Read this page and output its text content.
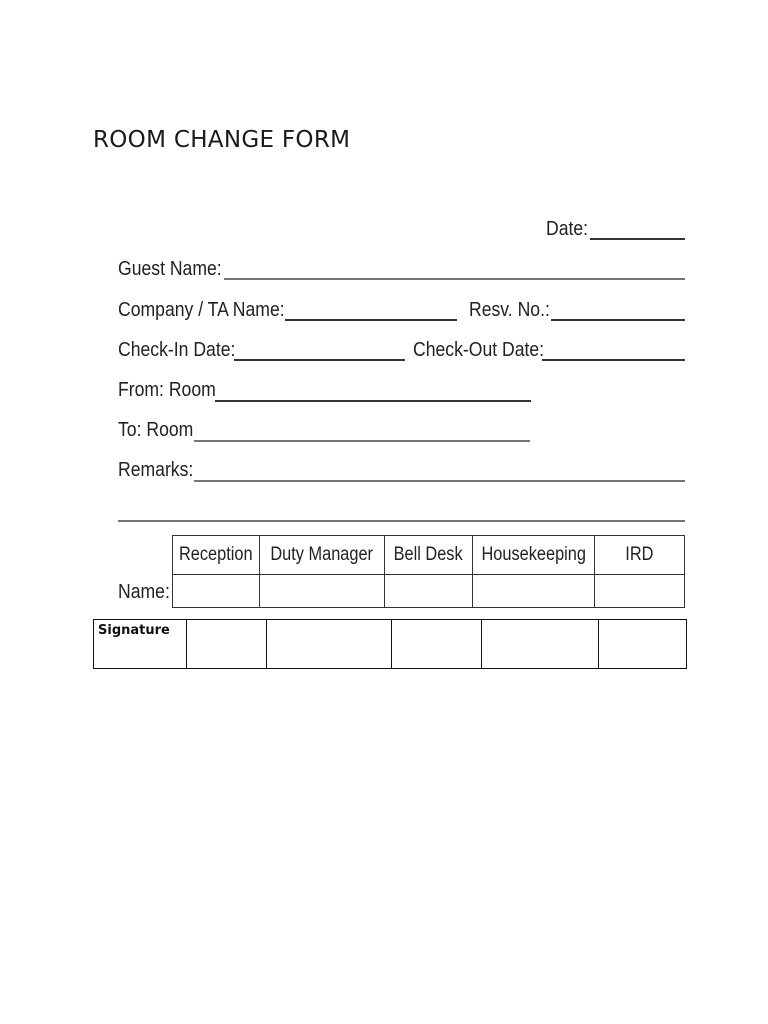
ROOM CHANGE FORM
Date:
Guest Name:
Company / TA Name:	Resv. No.:
Check-In Date:	Check-Out Date:
From: Room
To: Room
Remarks:
Reception	Duty Manager	Bell Desk	Housekeeping	IRD

Name:
Signature					
